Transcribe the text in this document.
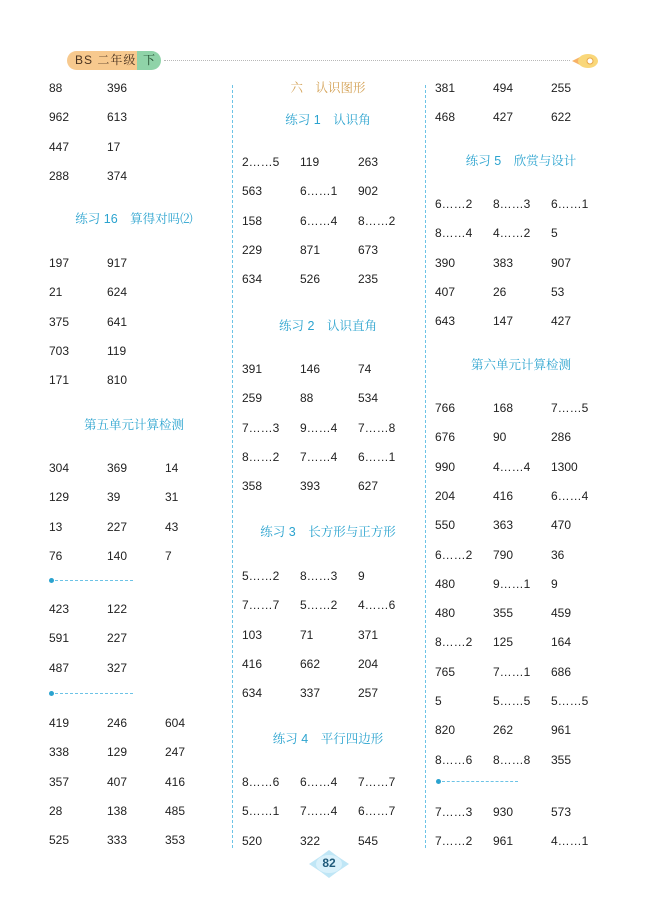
BS 二年级 下
88	396
962	613
447	17
288	374
练习 16　算得对吗⑵
197	917
21	624
375	641
703	119
171	810
第五单元计算检测
304	369	14
129	39	31
13	227	43
76	140	7
423	122
591	227
487	327
419	246	604
338	129	247
357	407	416
28	138	485
525	333	353
六　认识图形
练习 1　认识角
2……5 119	263
563	6……1 902
158	6……4 8……2
229	871	673
634	526	235
练习 2　认识直角
391	146	74
259	88	534
7……3 9……4 7……8
8……2 7……4 6……1
358	393	627
练习 3　长方形与正方形
5……2 8……3 9
7……7 5……2 4……6
103	71	371
416	662	204
634	337	257
练习 4　平行四边形
8……6 6……4 7……7
5……1 7……4 6……7
520	322	545
381	494	255
468	427	622
练习 5　欣赏与设计
6……2 8……3 6……1
8……4 4……2 5
390	383	907
407	26	53
643	147	427
第六单元计算检测
766	168	7……5
676	90	286
990	4……4 1300
204	416	6……4
550	363	470
6……2 790	36
480	9……1 9
480	355	459
8……2 125	164
765	7……1 686
5	5……5 5……5
820	262	961
8……6 8……8 355
7……3 930	573
7……2 961	4……1
82
